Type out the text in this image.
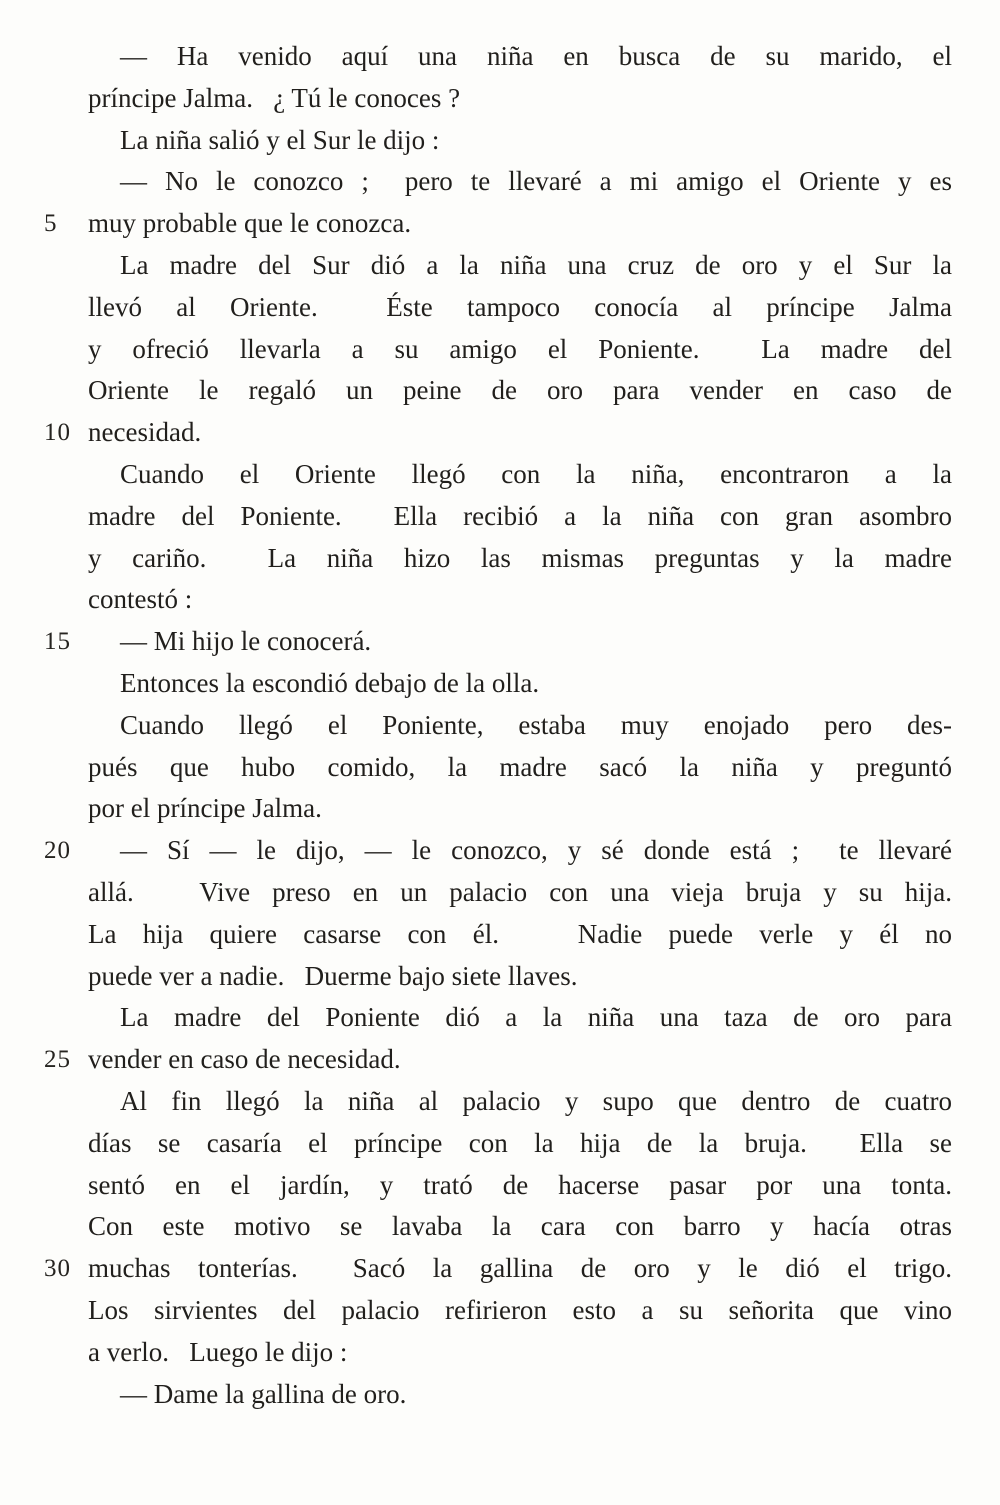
— Ha venido aquí una niña en busca de su marido, el
príncipe Jalma.   ¿ Tú le conoces ?
La niña salió y el Sur le dijo :
— No le conozco ;  pero te llevaré a mi amigo el Oriente y es
5	muy probable que le conozca.
La madre del Sur dió a la niña una cruz de oro y el Sur la
llevó al Oriente.  Éste tampoco conocía al príncipe Jalma
y ofreció llevarla a su amigo el Poniente.  La madre del
Oriente le regaló un peine de oro para vender en caso de
10 necesidad.
Cuando el Oriente llegó con la niña, encontraron a la
madre del Poniente.  Ella recibió a la niña con gran asombro
y cariño.  La niña hizo las mismas preguntas y la madre
contestó :
15	— Mi hijo le conocerá.
Entonces la escondió debajo de la olla.
Cuando llegó el Poniente, estaba muy enojado pero des-
pués que hubo comido, la madre sacó la niña y preguntó
por el príncipe Jalma.
20	— Sí — le dijo, — le conozco, y sé donde está ;  te llevaré
allá.   Vive preso en un palacio con una vieja bruja y su hija.
La hija quiere casarse con él.   Nadie puede verle y él no
puede ver a nadie.   Duerme bajo siete llaves.
La madre del Poniente dió a la niña una taza de oro para
25 vender en caso de necesidad.
Al fin llegó la niña al palacio y supo que dentro de cuatro
días se casaría el príncipe con la hija de la bruja.  Ella se
sentó en el jardín, y trató de hacerse pasar por una tonta.
Con este motivo se lavaba la cara con barro y hacía otras
30 muchas tonterías.  Sacó la gallina de oro y le dió el trigo.
Los sirvientes del palacio refirieron esto a su señorita que vino
a verlo.   Luego le dijo :
— Dame la gallina de oro.
